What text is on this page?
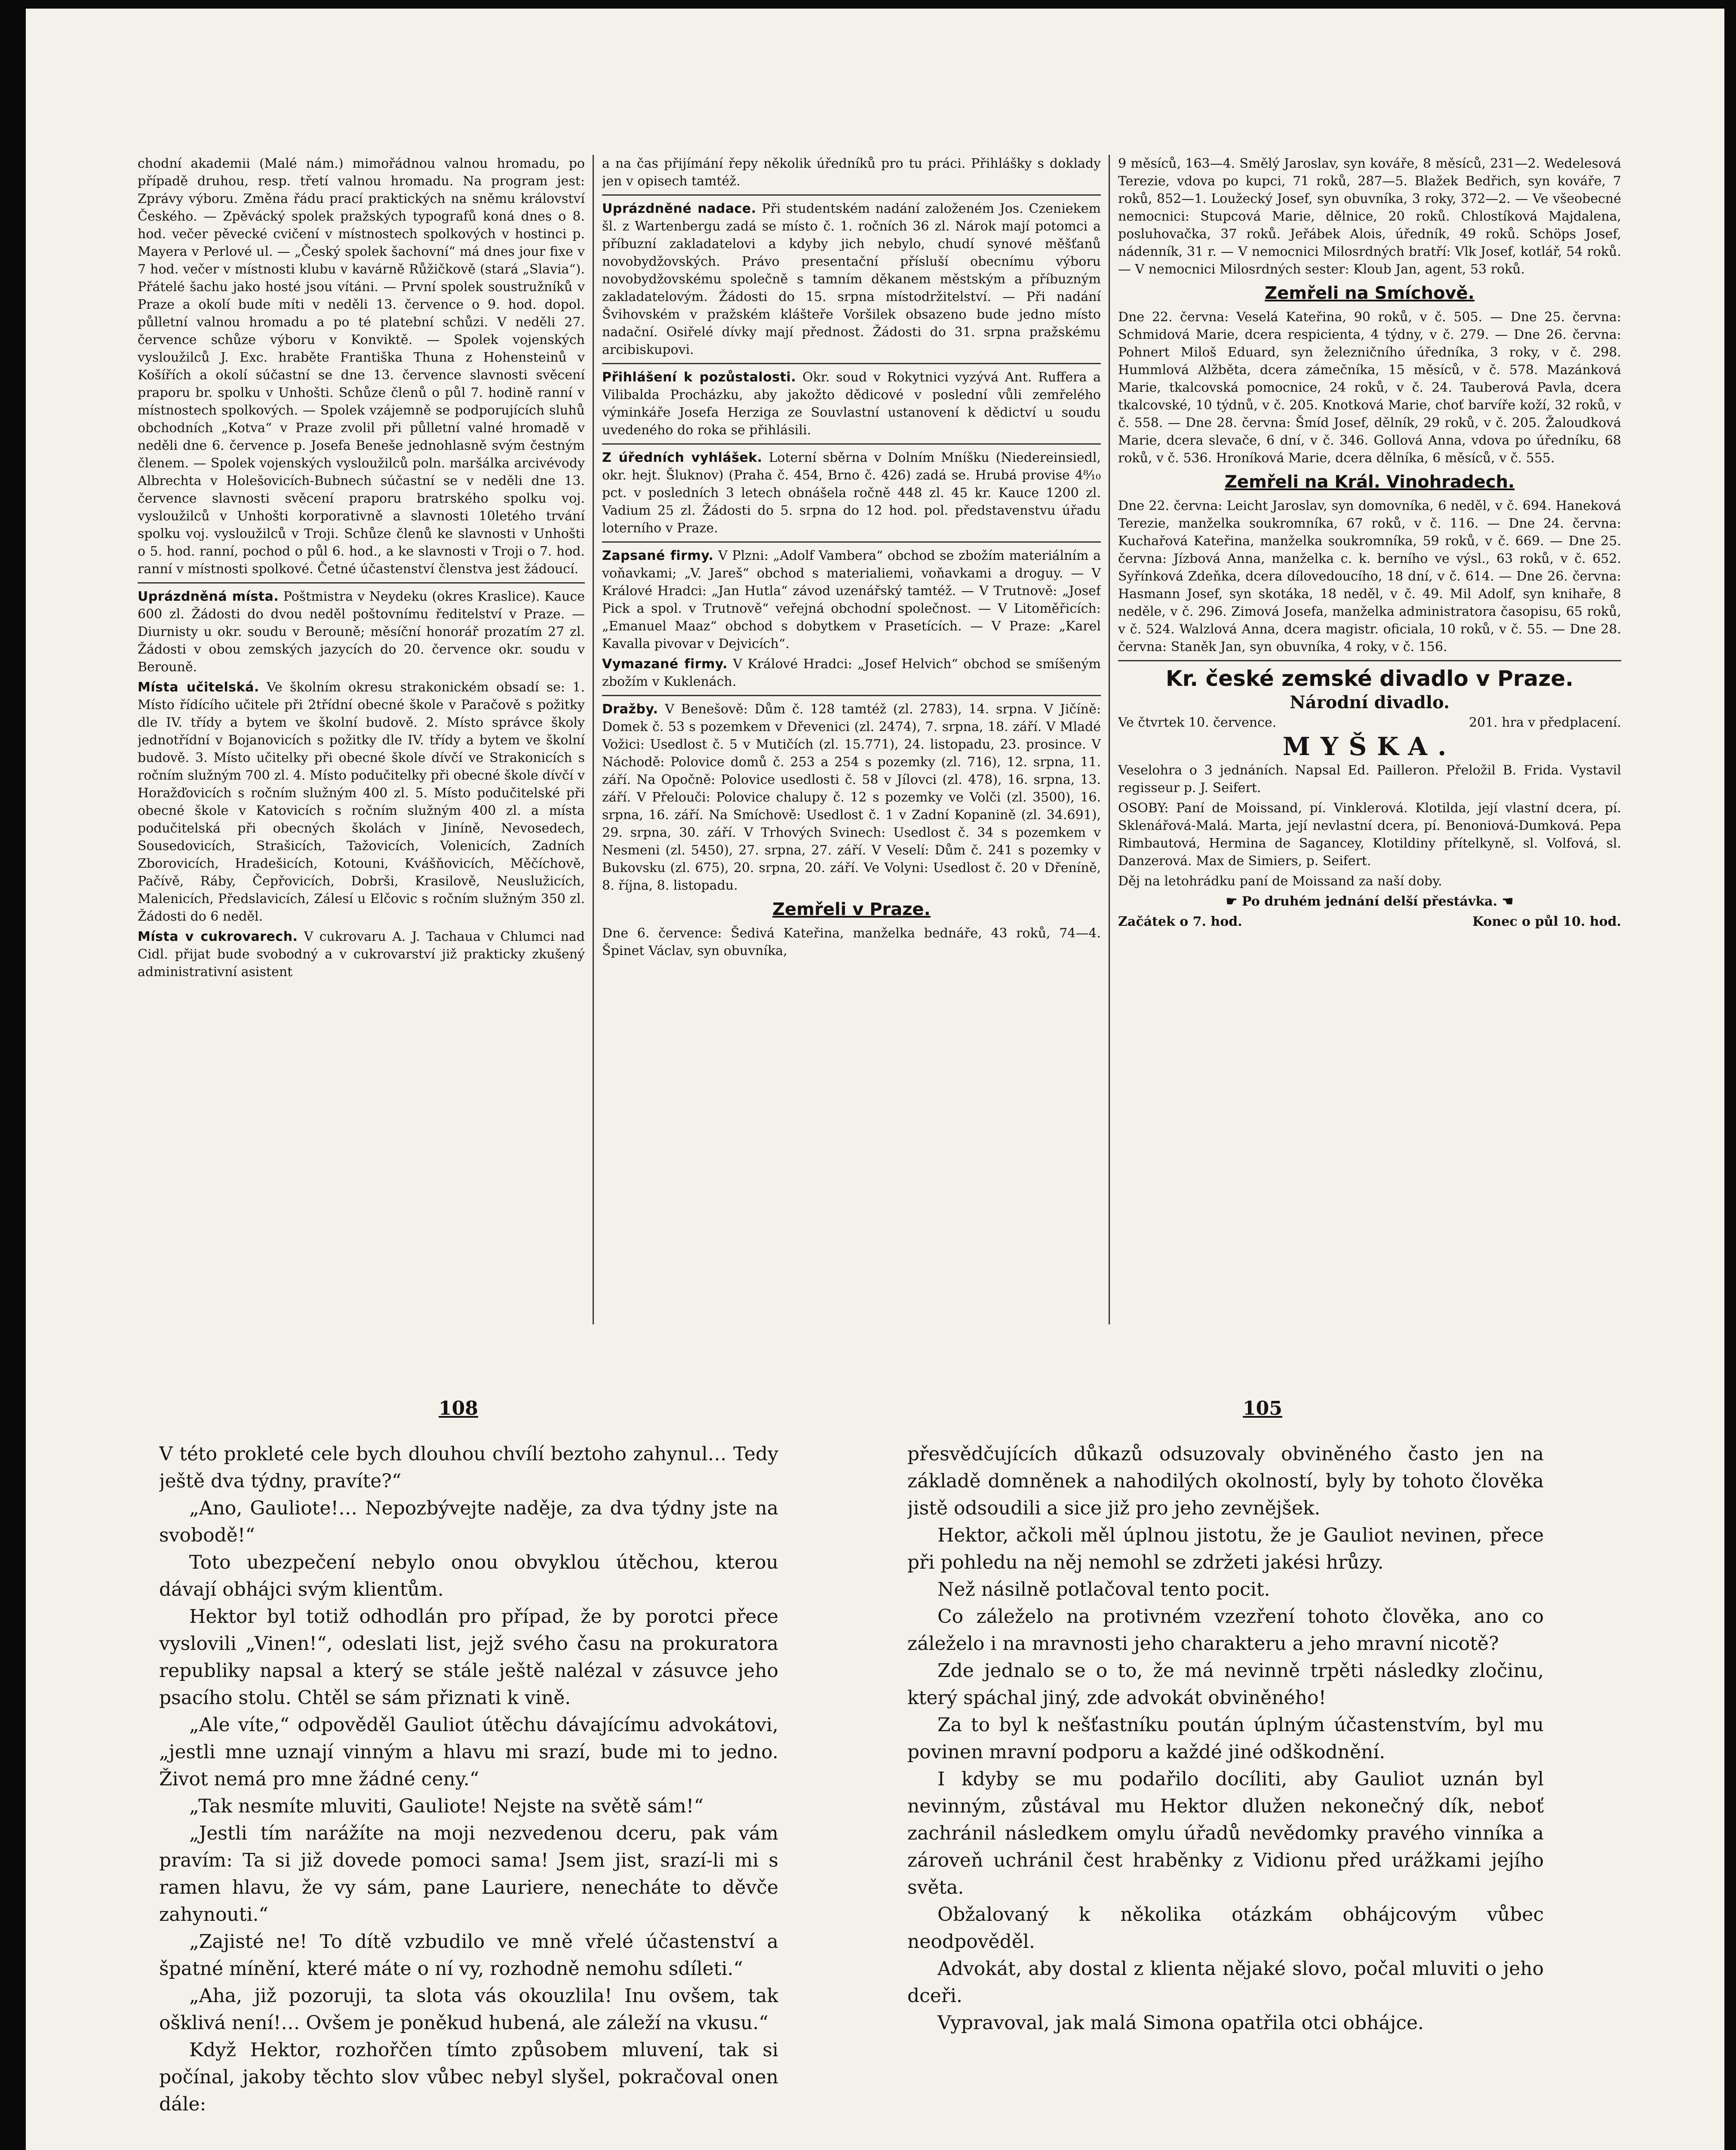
chodní akademii (Malé nám.) mimořádnou valnou hromadu, po případě druhou, resp. třetí valnou hromadu. Na program jest: Zprávy výboru. Změna řádu prací praktických na sněmu království Českého. — Zpěvácký spolek pražských typografů koná dnes o 8. hod. večer pěvecké cvičení v místnostech spolkových v hostinci p. Mayera v Perlové ul. — „Český spolek šachovní“ má dnes jour fixe v 7 hod. večer v místnosti klubu v kavárně Růžičkově (stará „Slavia“). Přátelé šachu jako hosté jsou vítáni. — První spolek soustružníků v Praze a okolí bude míti v neděli 13. července o 9. hod. dopol. půlletní valnou hromadu a po té platební schůzi. V neděli 27. července schůze výboru v Konviktě. — Spolek vojenských vysloužilců J. Exc. hraběte Františka Thuna z Hohensteinů v Košířích a okolí súčastní se dne 13. července slavnosti svěcení praporu br. spolku v Unhošti. Schůze členů o půl 7. hodině ranní v místnostech spolkových. — Spolek vzájemně se podporujících sluhů obchodních „Kotva“ v Praze zvolil při půlletní valné hromadě v neděli dne 6. července p. Josefa Beneše jednohlasně svým čestným členem. — Spolek vojenských vysloužilců poln. maršálka arcivévody Albrechta v Holešovicích-Bubnech súčastní se v neděli dne 13. července slavnosti svěcení praporu bratrského spolku voj. vysloužilců v Unhošti korporativně a slavnosti 10letého trvání spolku voj. vysloužilců v Troji. Schůze členů ke slavnosti v Unhošti o 5. hod. ranní, pochod o půl 6. hod., a ke slavnosti v Troji o 7. hod. ranní v místnosti spolkové. Četné účastenství členstva jest žádoucí.

Uprázdněná místa. Poštmistra v Neydeku (okres Kraslice). Kauce 600 zl. Žádosti do dvou neděl poštovnímu ředitelství v Praze. — Diurnisty u okr. soudu v Berouně; měsíční honorář prozatím 27 zl. Žádosti v obou zemských jazycích do 20. července okr. soudu v Berouně.

Místa učitelská. Ve školním okresu strakonickém obsadí se: 1. Místo řídícího učitele při 2třídní obecné škole v Paračově s požitky dle IV. třídy a bytem ve školní budově. 2. Místo správce školy jednotřídní v Bojanovicích s požitky dle IV. třídy a bytem ve školní budově. 3. Místo učitelky při obecné škole dívčí ve Strakonicích s ročním služným 700 zl. 4. Místo podučitelky při obecné škole dívčí v Horažďovicích s ročním služným 400 zl. 5. Místo podučitelské při obecné škole v Katovicích s ročním služným 400 zl. a místa podučitelská při obecných školách v Jiníně, Nevosedech, Sousedovicích, Strašicích, Tažovicích, Volenicích, Zadních Zborovicích, Hradešicích, Kotouni, Kvášňovicích, Měčíchově, Pačívě, Ráby, Čepřovicích, Dobrši, Krasilově, Neuslužicích, Malenicích, Předslavicích, Zálesí u Elčovic s ročním služným 350 zl. Žádosti do 6 neděl.

Místa v cukrovarech. V cukrovaru A. J. Tachaua v Chlumci nad Cidl. přijat bude svobodný a v cukrovarství již prakticky zkušený administrativní asistent

a na čas přijímání řepy několik úředníků pro tu práci. Přihlášky s doklady jen v opisech tamtéž.

Uprázdněné nadace. Při studentském nadání založeném Jos. Czeniekem šl. z Wartenbergu zadá se místo č. 1. ročních 36 zl. Nárok mají potomci a příbuzní zakladatelovi a kdyby jich nebylo, chudí synové měšťanů novobydžovských. Právo presentační přísluší obecnímu výboru novobydžovskému společně s tamním děkanem městským a příbuzným zakladatelovým. Žádosti do 15. srpna místodržitelství. — Při nadání Švihovském v pražském klášteře Voršilek obsazeno bude jedno místo nadační. Osiřelé dívky mají přednost. Žádosti do 31. srpna pražskému arcibiskupovi.

Přihlášení k pozůstalosti. Okr. soud v Rokytnici vyzývá Ant. Ruffera a Vilibalda Procházku, aby jakožto dědicové v poslední vůli zemřelého výminkáře Josefa Herziga ze Souvlastní ustanovení k dědictví u soudu uvedeného do roka se přihlásili.

Z úředních vyhlášek. Loterní sběrna v Dolním Mníšku (Niedereinsiedl, okr. hejt. Šluknov) (Praha č. 454, Brno č. 426) zadá se. Hrubá provise 4⁸⁄₁₀ pct. v posledních 3 letech obnášela ročně 448 zl. 45 kr. Kauce 1200 zl. Vadium 25 zl. Žádosti do 5. srpna do 12 hod. pol. představenstvu úřadu loterního v Praze.

Zapsané firmy. V Plzni: „Adolf Vambera“ obchod se zbožím materiálním a voňavkami; „V. Jareš“ obchod s materialiemi, voňavkami a droguy. — V Králové Hradci: „Jan Hutla“ závod uzenářský tamtéž. — V Trutnově: „Josef Pick a spol. v Trutnově“ veřejná obchodní společnost. — V Litoměřicích: „Emanuel Maaz“ obchod s dobytkem v Prasetících. — V Praze: „Karel Kavalla pivovar v Dejvicích“.

Vymazané firmy. V Králové Hradci: „Josef Helvich“ obchod se smíšeným zbožím v Kuklenách.

Dražby. V Benešově: Dům č. 128 tamtéž (zl. 2783), 14. srpna. V Jičíně: Domek č. 53 s pozemkem v Dřevenici (zl. 2474), 7. srpna, 18. září. V Mladé Vožici: Usedlost č. 5 v Mutičích (zl. 15.771), 24. listopadu, 23. prosince. V Náchodě: Polovice domů č. 253 a 254 s pozemky (zl. 716), 12. srpna, 11. září. Na Opočně: Polovice usedlosti č. 58 v Jílovci (zl. 478), 16. srpna, 13. září. V Přelouči: Polovice chalupy č. 12 s pozemky ve Volči (zl. 3500), 16. srpna, 16. září. Na Smíchově: Usedlost č. 1 v Zadní Kopanině (zl. 34.691), 29. srpna, 30. září. V Trhových Svinech: Usedlost č. 34 s pozemkem v Nesmeni (zl. 5450), 27. srpna, 27. září. V Veselí: Dům č. 241 s pozemky v Bukovsku (zl. 675), 20. srpna, 20. září. Ve Volyni: Usedlost č. 20 v Dřeníně, 8. října, 8. listopadu.

Zemřeli v Praze.

Dne 6. července: Šedivá Kateřina, manželka bednáře, 43 roků, 74—4. Špinet Václav, syn obuvníka,

9 měsíců, 163—4. Smělý Jaroslav, syn kováře, 8 měsíců, 231—2. Wedelesová Terezie, vdova po kupci, 71 roků, 287—5. Blažek Bedřich, syn kováře, 7 roků, 852—1. Loužecký Josef, syn obuvníka, 3 roky, 372—2. — Ve všeobecné nemocnici: Stupcová Marie, dělnice, 20 roků. Chlostíková Majdalena, posluhovačka, 37 roků. Jeřábek Alois, úředník, 49 roků. Schöps Josef, nádenník, 31 r. — V nemocnici Milosrdných bratří: Vlk Josef, kotlář, 54 roků. — V nemocnici Milosrdných sester: Kloub Jan, agent, 53 roků.

Zemřeli na Smíchově.

Dne 22. června: Veselá Kateřina, 90 roků, v č. 505. — Dne 25. června: Schmidová Marie, dcera respicienta, 4 týdny, v č. 279. — Dne 26. června: Pohnert Miloš Eduard, syn železničního úředníka, 3 roky, v č. 298. Hummlová Alžběta, dcera zámečníka, 15 měsíců, v č. 578. Mazánková Marie, tkalcovská pomocnice, 24 roků, v č. 24. Tauberová Pavla, dcera tkalcovské, 10 týdnů, v č. 205. Knotková Marie, choť barvíře koží, 32 roků, v č. 558. — Dne 28. června: Šmíd Josef, dělník, 29 roků, v č. 205. Žaloudková Marie, dcera slevače, 6 dní, v č. 346. Gollová Anna, vdova po úředníku, 68 roků, v č. 536. Hroníková Marie, dcera dělníka, 6 měsíců, v č. 555.

Zemřeli na Král. Vinohradech.

Dne 22. června: Leicht Jaroslav, syn domovníka, 6 neděl, v č. 694. Haneková Terezie, manželka soukromníka, 67 roků, v č. 116. — Dne 24. června: Kuchařová Kateřina, manželka soukromníka, 59 roků, v č. 669. — Dne 25. června: Jízbová Anna, manželka c. k. berního ve výsl., 63 roků, v č. 652. Syřínková Zdeňka, dcera dílovedoucího, 18 dní, v č. 614. — Dne 26. června: Hasmann Josef, syn skotáka, 18 neděl, v č. 49. Mil Adolf, syn knihaře, 8 neděle, v č. 296. Zimová Josefa, manželka administratora časopisu, 65 roků, v č. 524. Walzlová Anna, dcera magistr. oficiala, 10 roků, v č. 55. — Dne 28. června: Staněk Jan, syn obuvníka, 4 roky, v č. 156.

Kr. české zemské divadlo v Praze.
Národní divadlo.
Ve čtvrtek 10. července.	201. hra v předplacení.
MYŠKA.

Veselohra o 3 jednáních. Napsal Ed. Pailleron. Přeložil B. Frida. Vystavil regisseur p. J. Seifert.

OSOBY: Paní de Moissand, pí. Vinklerová. Klotilda, její vlastní dcera, pí. Sklenářová-Malá. Marta, její nevlastní dcera, pí. Benoniová-Dumková. Pepa Rimbautová, Hermina de Sagancey, Klotildiny přítelkyně, sl. Volfová, sl. Danzerová. Max de Simiers, p. Seifert.

Děj na letohrádku paní de Moissand za naší doby.

☛ Po druhém jednání delší přestávka. ☚

Začátek o 7. hod.	Konec o půl 10. hod.
108	105

V této prokleté cele bych dlouhou chvílí beztoho zahynul… Tedy ještě dva týdny, pravíte?“

„Ano, Gauliote!… Nepozbývejte naděje, za dva týdny jste na svobodě!“

Toto ubezpečení nebylo onou obvyklou útěchou, kterou dávají obhájci svým klientům.

Hektor byl totiž odhodlán pro případ, že by porotci přece vyslovili „Vinen!“, odeslati list, jejž svého času na prokuratora republiky napsal a který se stále ještě nalézal v zásuvce jeho psacího stolu. Chtěl se sám přiznati k vině.

„Ale víte,“ odpověděl Gauliot útěchu dávajícímu advokátovi, „jestli mne uznají vinným a hlavu mi srazí, bude mi to jedno. Život nemá pro mne žádné ceny.“

„Tak nesmíte mluviti, Gauliote! Nejste na světě sám!“

„Jestli tím narážíte na moji nezvedenou dceru, pak vám pravím: Ta si již dovede pomoci sama! Jsem jist, srazí-li mi s ramen hlavu, že vy sám, pane Lauriere, nenecháte to děvče zahynouti.“

„Zajisté ne! To dítě vzbudilo ve mně vřelé účastenství a špatné mínění, které máte o ní vy, rozhodně nemohu sdíleti.“

„Aha, již pozoruji, ta slota vás okouzlila! Inu ovšem, tak ošklivá není!… Ovšem je poněkud hubená, ale záleží na vkusu.“

Když Hektor, rozhořčen tímto způsobem mluvení, tak si počínal, jakoby těchto slov vůbec nebyl slyšel, pokračoval onen dále:

přesvědčujících důkazů odsuzovaly obviněného často jen na základě domněnek a nahodilých okolností, byly by tohoto člověka jistě odsoudili a sice již pro jeho zevnějšek.

Hektor, ačkoli měl úplnou jistotu, že je Gauliot nevinen, přece při pohledu na něj nemohl se zdržeti jakési hrůzy.

Než násilně potlačoval tento pocit.

Co záleželo na protivném vzezření tohoto člověka, ano co záleželo i na mravnosti jeho charakteru a jeho mravní nicotě?

Zde jednalo se o to, že má nevinně trpěti následky zločinu, který spáchal jiný, zde advokát obviněného!

Za to byl k nešťastníku poután úplným účastenstvím, byl mu povinen mravní podporu a každé jiné odškodnění.

I kdyby se mu podařilo docíliti, aby Gauliot uznán byl nevinným, zůstával mu Hektor dlužen nekonečný dík, neboť zachránil následkem omylu úřadů nevědomky pravého vinníka a zároveň uchránil čest hraběnky z Vidionu před urážkami jejího světa.

Obžalovaný k několika otázkám obhájcovým vůbec neodpověděl.

Advokát, aby dostal z klienta nějaké slovo, počal mluviti o jeho dceři.

Vypravoval, jak malá Simona opatřila otci obhájce.
